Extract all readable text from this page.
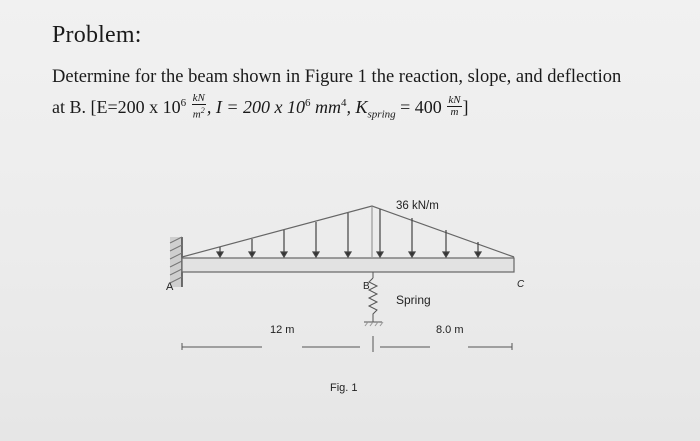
Problem:
Determine for the beam shown in Figure 1 the reaction, slope, and deflection
at B. [E=200 x $10^6 \frac{kN}{m^2}$ , I = 200 x $10^6$ $mm^4$, $K_{spring} = 400 \frac{kN}{m}$ ]
36 kN/m
A	B	C
Spring
12 m	8.0 m
Fig. 1
